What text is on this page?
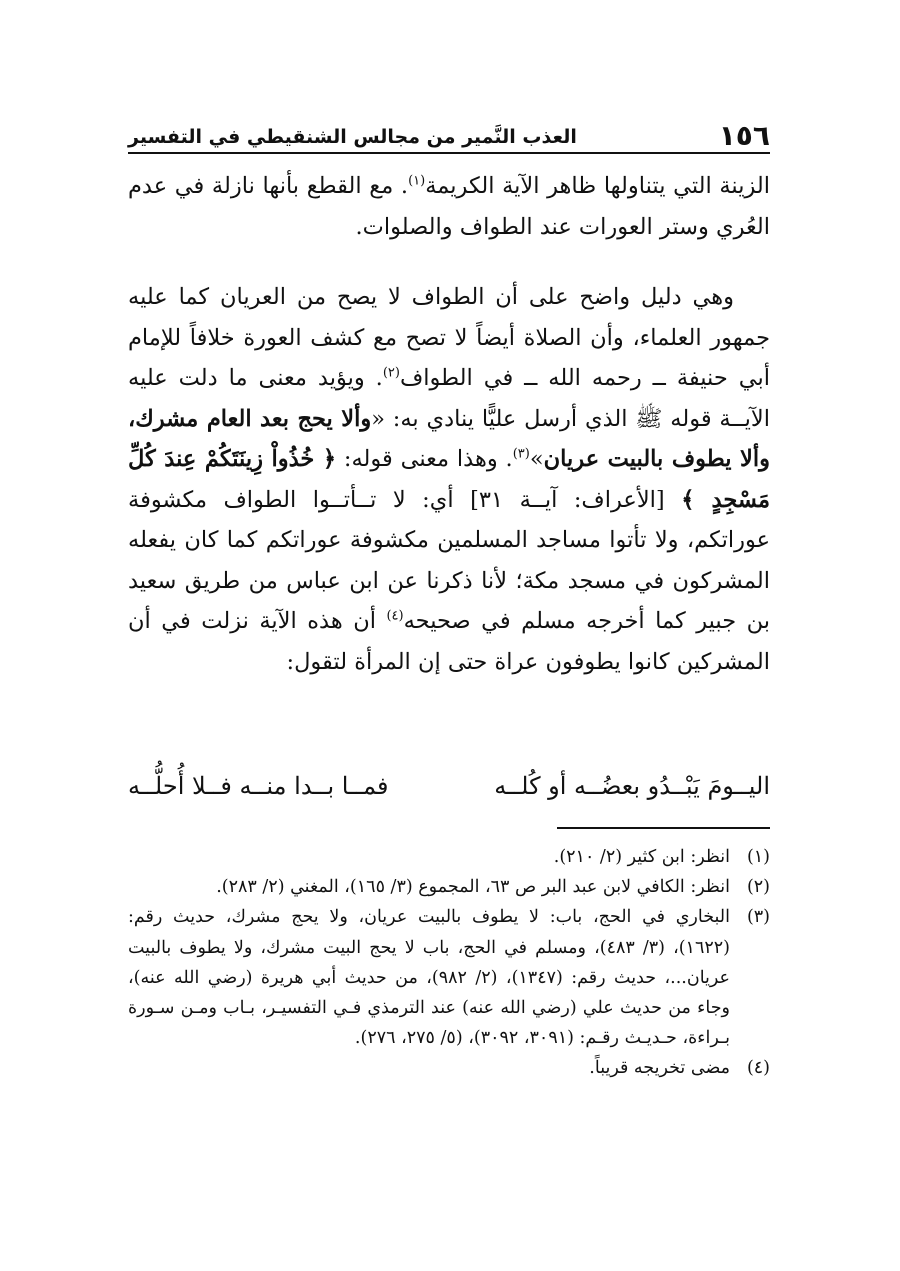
١٥٦
العذب النَّمير من مجالس الشنقيطي في التفسير

الزينة التي يتناولها ظاهر الآية الكريمة$^{(١)}$. مع القطع بأنها نازلة في عدم العُري وستر العورات عند الطواف والصلوات.

وهي دليل واضح على أن الطواف لا يصح من العريان كما عليه جمهور العلماء، وأن الصلاة أيضاً لا تصح مع كشف العورة خلافاً للإمام أبي حنيفة ــ رحمه الله ــ في الطواف$^{(٢)}$. ويؤيد معنى ما دلت عليه الآيــة قوله ﷺ الذي أرسل عليًّا ينادي به: «وألا يحج بعد العام مشرك، وألا يطوف بالبيت عريان»$^{(٣)}$. وهذا معنى قوله: ﴿ خُذُواْ زِينَتَكُمْ عِندَ كُلِّ مَسْجِدٍ ﴾ [الأعراف: آيــة ٣١] أي: لا تــأتــوا الطواف مكشوفة عوراتكم، ولا تأتوا مساجد المسلمين مكشوفة عوراتكم كما كان يفعله المشركون في مسجد مكة؛ لأنا ذكرنا عن ابن عباس من طريق سعيد بن جبير كما أخرجه مسلم في صحيحه$^{(٤)}$ أن هذه الآية نزلت في أن المشركين كانوا يطوفون عراة حتى إن المرأة لتقول:

اليــومَ يَبْــدُو بعضُــه أو كُلــه
فمــا بــدا منــه فــلا أُحلُّــه
(١)
انظر: ابن كثير (٢/ ٢١٠).
(٢)
انظر: الكافي لابن عبد البر ص ٦٣، المجموع (٣/ ١٦٥)، المغني (٢/ ٢٨٣).
(٣)
البخاري في الحج، باب: لا يطوف بالبيت عريان، ولا يحج مشرك، حديث رقم: (١٦٢٢)، (٣/ ٤٨٣)، ومسلم في الحج، باب لا يحج البيت مشرك، ولا يطوف بالبيت عريان...، حديث رقم: (١٣٤٧)، (٢/ ٩٨٢)، من حديث أبي هريرة (رضي الله عنه)، وجاء من حديث علي (رضي الله عنه) عند الترمذي فـي التفسيـر، بـاب ومـن سـورة بـراءة، حـديـث رقـم: (٣٠٩١، ٣٠٩٢)، (٥/ ٢٧٥، ٢٧٦).
(٤)
مضى تخريجه قريباً.
